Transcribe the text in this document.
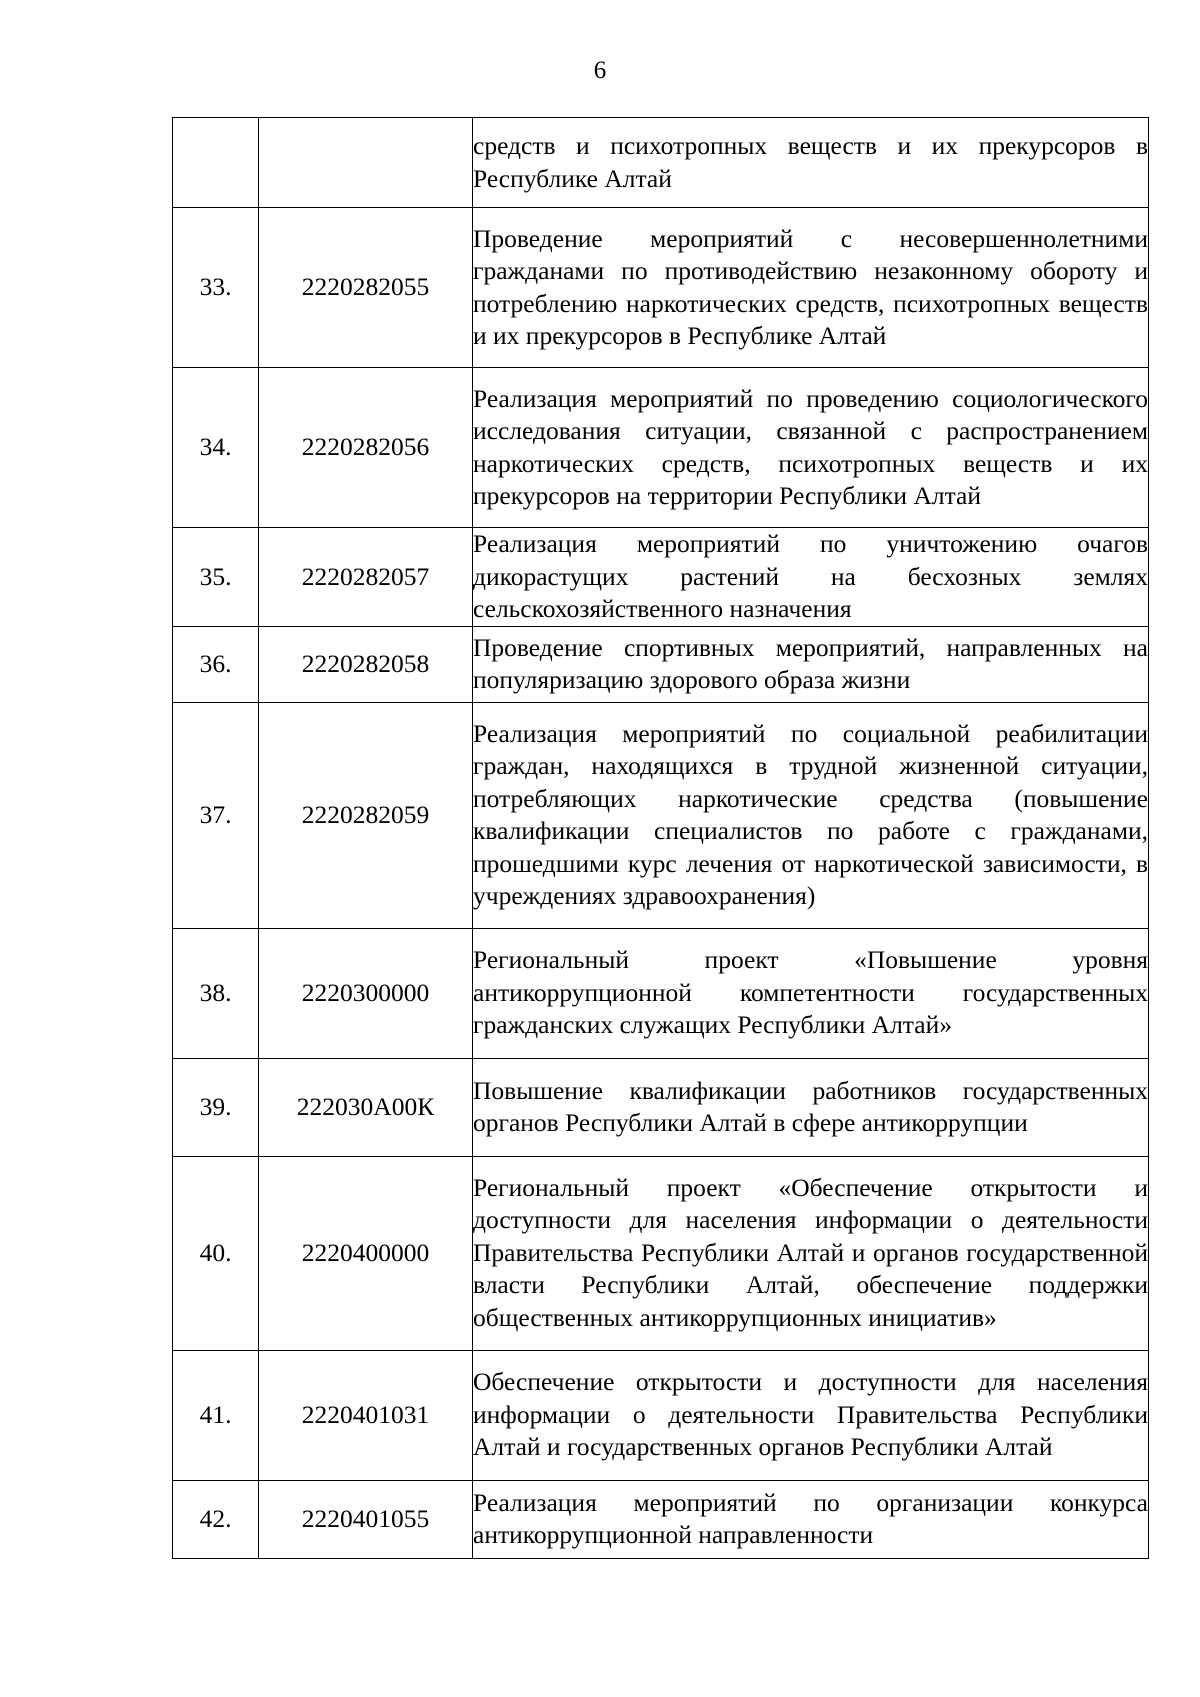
6

		средств и психотропных веществ и их прекурсоров в Республике Алтай

33.	2220282055	Проведение мероприятий с несовершеннолетними гражданами по противодействию незаконному обороту и потреблению наркотических средств, психотропных веществ и их прекурсоров в Республике Алтай

34.	2220282056	Реализация мероприятий по проведению социологического исследования ситуации, связанной с распространением наркотических средств, психотропных веществ и их прекурсоров на территории Республики Алтай

35.	2220282057	Реализация мероприятий по уничтожению очагов дикорастущих растений на бесхозных землях сельскохозяйственного назначения

36.	2220282058	Проведение спортивных мероприятий, направленных на популяризацию здорового образа жизни

37.	2220282059	Реализация мероприятий по социальной реабилитации граждан, находящихся в трудной жизненной ситуации, потребляющих наркотические средства (повышение квалификации специалистов по работе с гражданами, прошедшими курс лечения от наркотической зависимости, в учреждениях здравоохранения)

38.	2220300000	Региональный проект «Повышение уровня антикоррупционной компетентности государственных гражданских служащих Республики Алтай»

39.	222030А00К	Повышение квалификации работников государственных органов Республики Алтай в сфере антикоррупции

40.	2220400000	Региональный проект «Обеспечение открытости и доступности для населения информации о деятельности Правительства Республики Алтай и органов государственной власти Республики Алтай, обеспечение поддержки общественных антикоррупционных инициатив»

41.	2220401031	Обеспечение открытости и доступности для населения информации о деятельности Правительства Республики Алтай и государственных органов Республики Алтай

42.	2220401055	Реализация мероприятий по организации конкурса антикоррупционной направленности
